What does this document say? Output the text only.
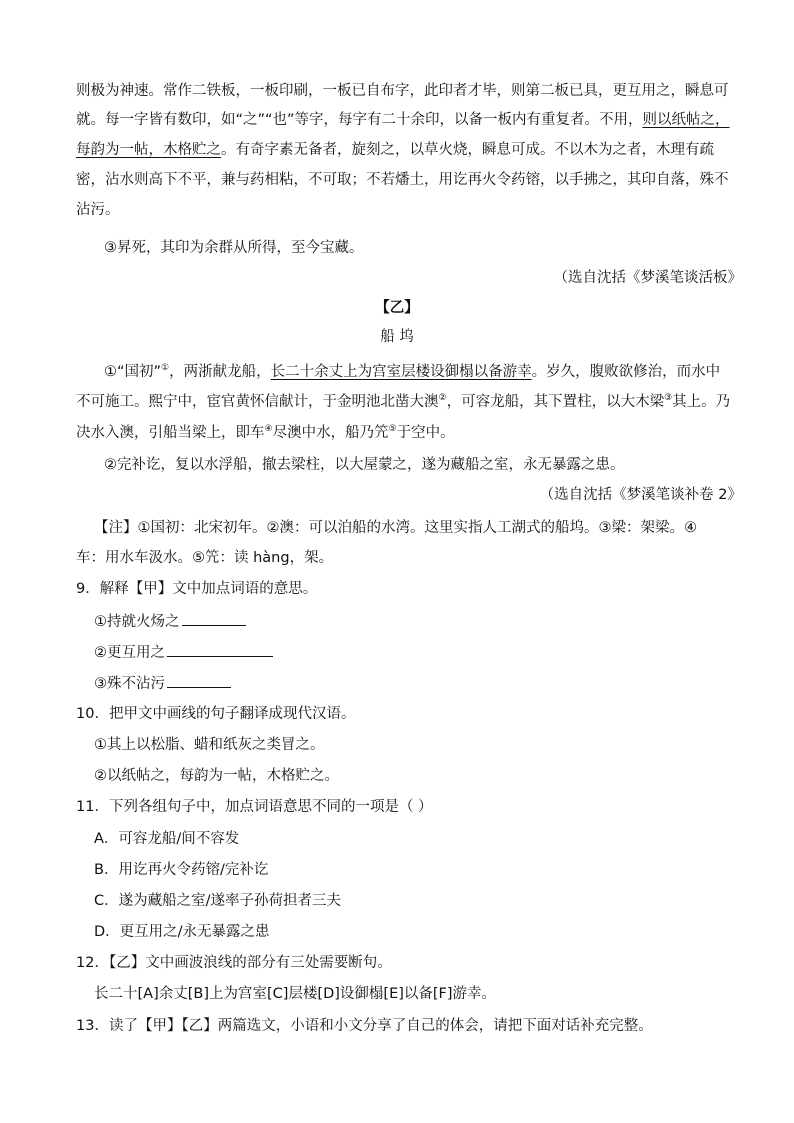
则极为神速。常作二铁板，一板印刷，一板已自布字，此印者才毕，则第二板已具，更互用之，瞬息可
就。每一字皆有数印，如“之”“也”等字，每字有二十余印，以备一板内有重复者。不用，则以纸帖之，
每韵为一帖，木格贮之。有奇字素无备者，旋刻之，以草火烧，瞬息可成。不以木为之者，木理有疏
密，沾水则高下不平，兼与药相粘，不可取；不若燔土，用讫再火令药镕，以手拂之，其印自落，殊不
沾污。
③昇死，其印为余群从所得，至今宝藏。
（选自沈括《梦溪笔谈活板》
【乙】
船 坞
①“国初”①，两浙献龙船，长二十余丈上为宫室层楼设御榻以备游幸。岁久，腹败欲修治，而水中
不可施工。熙宁中，宦官黄怀信献计，于金明池北凿大澳②，可容龙船，其下置柱，以大木梁③其上。乃
决水入澳，引船当梁上，即车④尽澳中水，船乃笐⑤于空中。
②完补讫，复以水浮船，撤去梁柱，以大屋蒙之，遂为藏船之室，永无暴露之患。
（选自沈括《梦溪笔谈补卷 2》
【注】①国初：北宋初年。②澳：可以泊船的水湾。这里实指人工湖式的船坞。③梁：架梁。④
车：用水车汲水。⑤笐：读 hàng，架。
9．解释【甲】文中加点词语的意思。
①持就火炀之
②更互用之
③殊不沾污
10．把甲文中画线的句子翻译成现代汉语。
①其上以松脂、蜡和纸灰之类冒之。
②以纸帖之，每韵为一帖，木格贮之。
11．下列各组句子中，加点词语意思不同的一项是（ ）
A．可容龙船/间不容发
B．用讫再火令药镕/完补讫
C．遂为藏船之室/遂率子孙荷担者三夫
D．更互用之/永无暴露之患
12．【乙】文中画波浪线的部分有三处需要断句。
长二十[A]余丈[B]上为宫室[C]层楼[D]设御榻[E]以备[F]游幸。
13．读了【甲】【乙】两篇选文，小语和小文分享了自己的体会，请把下面对话补充完整。
